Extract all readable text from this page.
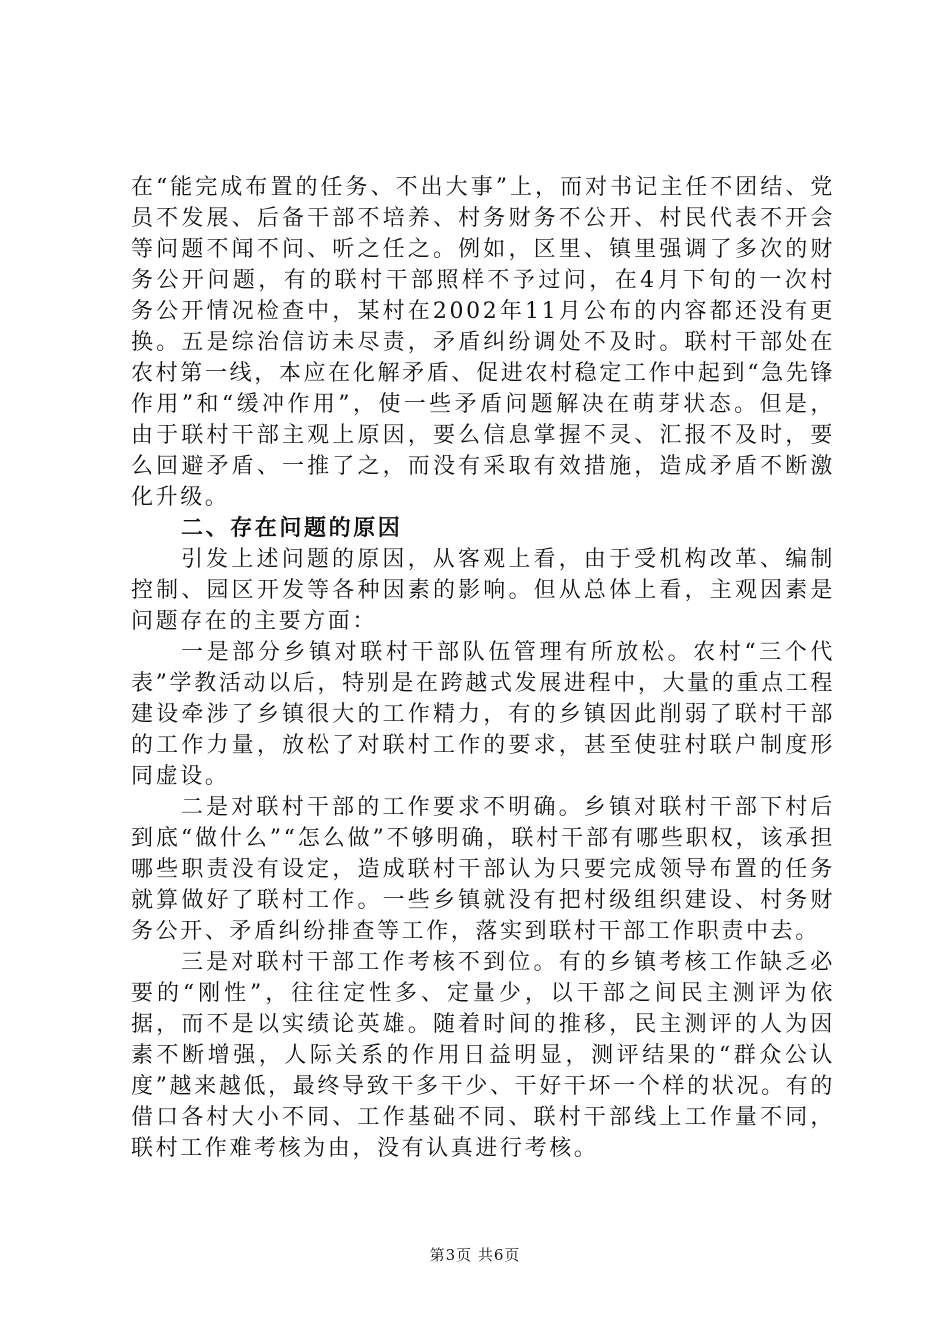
在“能完成布置的任务、不出大事”上，而对书记主任不团结、党员不发展、后备干部不培养、村务财务不公开、村民代表不开会等问题不闻不问、听之任之。例如，区里、镇里强调了多次的财务公开问题，有的联村干部照样不予过问，在4月下旬的一次村务公开情况检查中，某村在2002年11月公布的内容都还没有更换。五是综治信访未尽责，矛盾纠纷调处不及时。联村干部处在农村第一线，本应在化解矛盾、促进农村稳定工作中起到“急先锋作用”和“缓冲作用”，使一些矛盾问题解决在萌芽状态。但是，由于联村干部主观上原因，要么信息掌握不灵、汇报不及时，要么回避矛盾、一推了之，而没有采取有效措施，造成矛盾不断激化升级。

二、存在问题的原因

引发上述问题的原因，从客观上看，由于受机构改革、编制控制、园区开发等各种因素的影响。但从总体上看，主观因素是问题存在的主要方面：

一是部分乡镇对联村干部队伍管理有所放松。农村“三个代表”学教活动以后，特别是在跨越式发展进程中，大量的重点工程建设牵涉了乡镇很大的工作精力，有的乡镇因此削弱了联村干部的工作力量，放松了对联村工作的要求，甚至使驻村联户制度形同虚设。

二是对联村干部的工作要求不明确。乡镇对联村干部下村后到底“做什么”“怎么做”不够明确，联村干部有哪些职权，该承担哪些职责没有设定，造成联村干部认为只要完成领导布置的任务就算做好了联村工作。一些乡镇就没有把村级组织建设、村务财务公开、矛盾纠纷排查等工作，落实到联村干部工作职责中去。

三是对联村干部工作考核不到位。有的乡镇考核工作缺乏必要的“刚性”，往往定性多、定量少，以干部之间民主测评为依据，而不是以实绩论英雄。随着时间的推移，民主测评的人为因素不断增强，人际关系的作用日益明显，测评结果的“群众公认度”越来越低，最终导致干多干少、干好干坏一个样的状况。有的借口各村大小不同、工作基础不同、联村干部线上工作量不同，联村工作难考核为由，没有认真进行考核。

第3页 共6页
